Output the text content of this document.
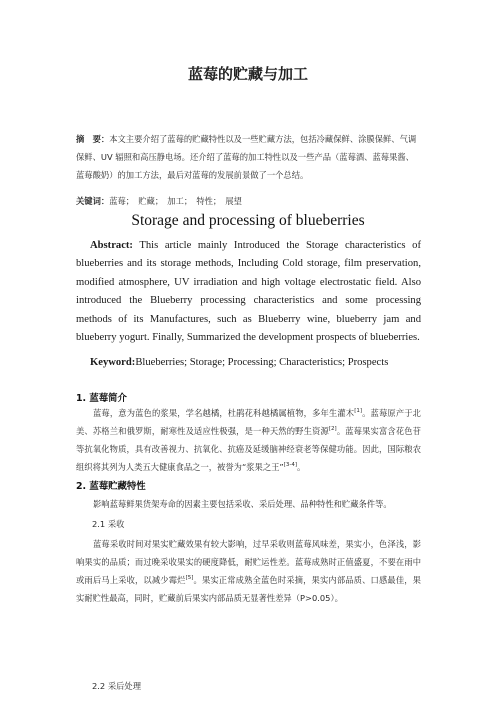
蓝莓的贮藏与加工
摘　要：本文主要介绍了蓝莓的贮藏特性以及一些贮藏方法，包括冷藏保鲜、涂膜保鲜、气调保鲜、UV 辐照和高压静电场。还介绍了蓝莓的加工特性以及一些产品（蓝莓酒、蓝莓果酱、蓝莓酸奶）的加工方法，最后对蓝莓的发展前景做了一个总结。
关键词：蓝莓；　贮藏；　加工；　特性；　展望
Storage and processing of blueberries
Abstract: This article mainly Introduced the Storage characteristics of blueberries and its storage methods, Including Cold storage, film preservation, modified atmosphere, UV irradiation and high voltage electrostatic field. Also introduced the Blueberry processing characteristics and some processing methods of its Manufactures, such as Blueberry wine, blueberry jam and blueberry yogurt. Finally, Summarized the development prospects of blueberries.
Keyword:Blueberries; Storage; Processing; Characteristics; Prospects
1. 蓝莓简介
蓝莓，意为蓝色的浆果，学名越橘，杜鹃花科越橘属植物，多年生灌木[1]。蓝莓原产于北美、苏格兰和俄罗斯，耐寒性及适应性极强，是一种天然的野生资源[2]。蓝莓果实富含花色苷等抗氧化物质，具有改善视力、抗氧化、抗癌及延缓脑神经衰老等保健功能。因此，国际粮农组织将其列为人类五大健康食品之一，被誉为“浆果之王”[3-4]。
2. 蓝莓贮藏特性
影响蓝莓鲜果货架寿命的因素主要包括采收、采后处理、品种特性和贮藏条件等。
2.1 采收
蓝莓采收时间对果实贮藏效果有较大影响，过早采收则蓝莓风味差，果实小，色泽浅，影响果实的品质；而过晚采收果实的硬度降低，耐贮运性差。蓝莓成熟时正值盛夏，不要在雨中或雨后马上采收，以减少霉烂[5]。果实正常成熟全蓝色时采摘，果实内部品质、口感最佳，果实耐贮性最高，同时，贮藏前后果实内部品质无显著性差异（P>0.05）。
2.2 采后处理
